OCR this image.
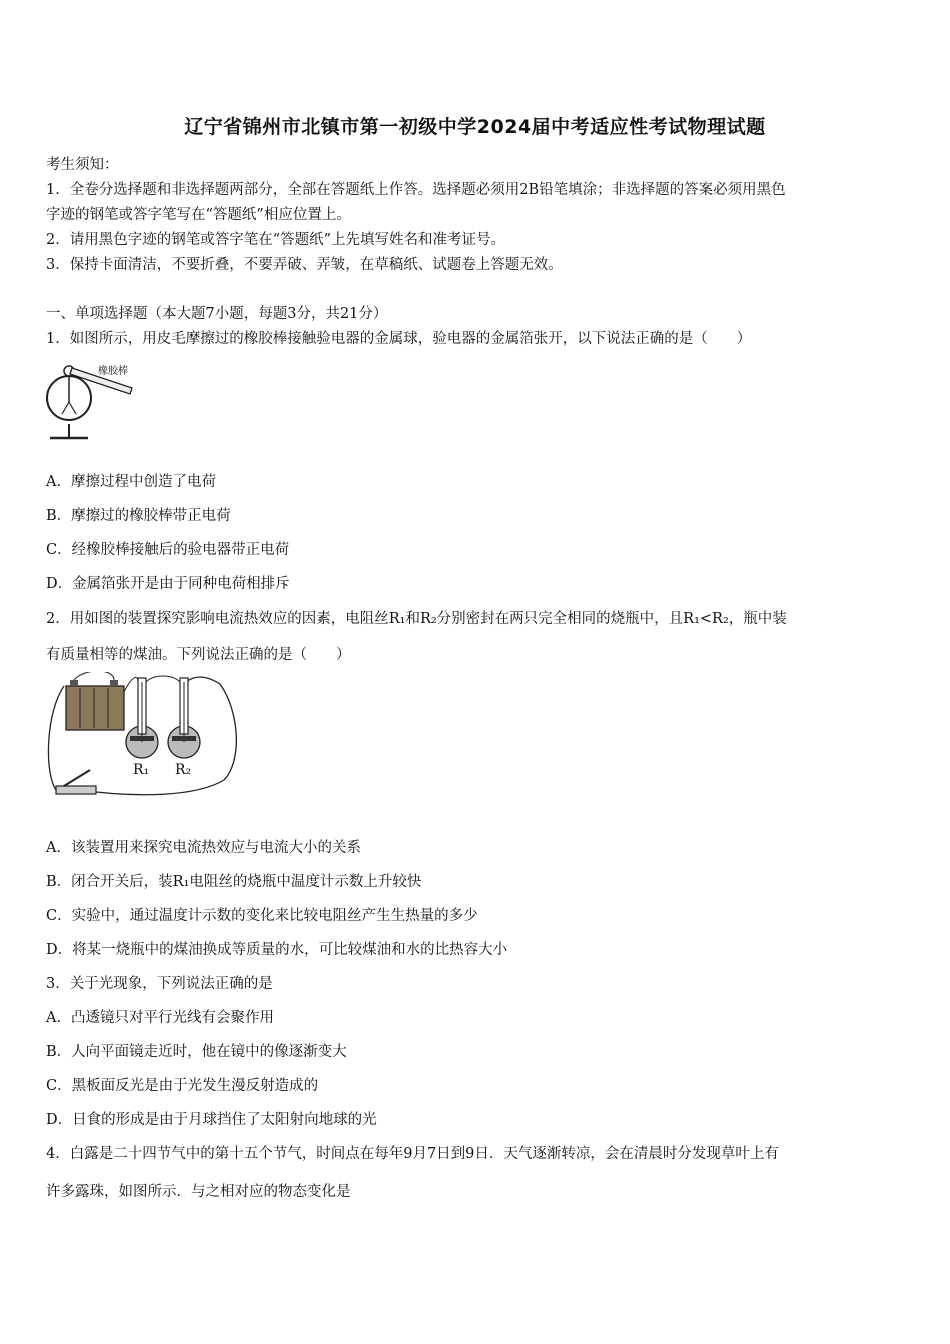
辽宁省锦州市北镇市第一初级中学2024届中考适应性考试物理试题
考生须知：
1．全卷分选择题和非选择题两部分，全部在答题纸上作答。选择题必须用2B铅笔填涂；非选择题的答案必须用黑色
字迹的钢笔或答字笔写在“答题纸”相应位置上。
2．请用黑色字迹的钢笔或答字笔在“答题纸”上先填写姓名和准考证号。
3．保持卡面清洁，不要折叠，不要弄破、弄皱，在草稿纸、试题卷上答题无效。
一、单项选择题（本大题7小题，每题3分，共21分）
1．如图所示，用皮毛摩擦过的橡胶棒接触验电器的金属球，验电器的金属箔张开，以下说法正确的是（　　）
橡胶棒
A．摩擦过程中创造了电荷
B．摩擦过的橡胶棒带正电荷
C．经橡胶棒接触后的验电器带正电荷
D．金属箔张开是由于同种电荷相排斥
2．用如图的装置探究影响电流热效应的因素，电阻丝R₁和R₂分别密封在两只完全相同的烧瓶中，且R₁<R₂，瓶中装
有质量相等的煤油。下列说法正确的是（　　）
R₁ R₂
A．该装置用来探究电流热效应与电流大小的关系
B．闭合开关后，装R₁电阻丝的烧瓶中温度计示数上升较快
C．实验中，通过温度计示数的变化来比较电阻丝产生生热量的多少
D．将某一烧瓶中的煤油换成等质量的水，可比较煤油和水的比热容大小
3．关于光现象，下列说法正确的是
A．凸透镜只对平行光线有会聚作用
B．人向平面镜走近时，他在镜中的像逐渐变大
C．黑板面反光是由于光发生漫反射造成的
D．日食的形成是由于月球挡住了太阳射向地球的光
4．白露是二十四节气中的第十五个节气，时间点在每年9月7日到9日．天气逐渐转凉，会在清晨时分发现草叶上有
许多露珠，如图所示．与之相对应的物态变化是
